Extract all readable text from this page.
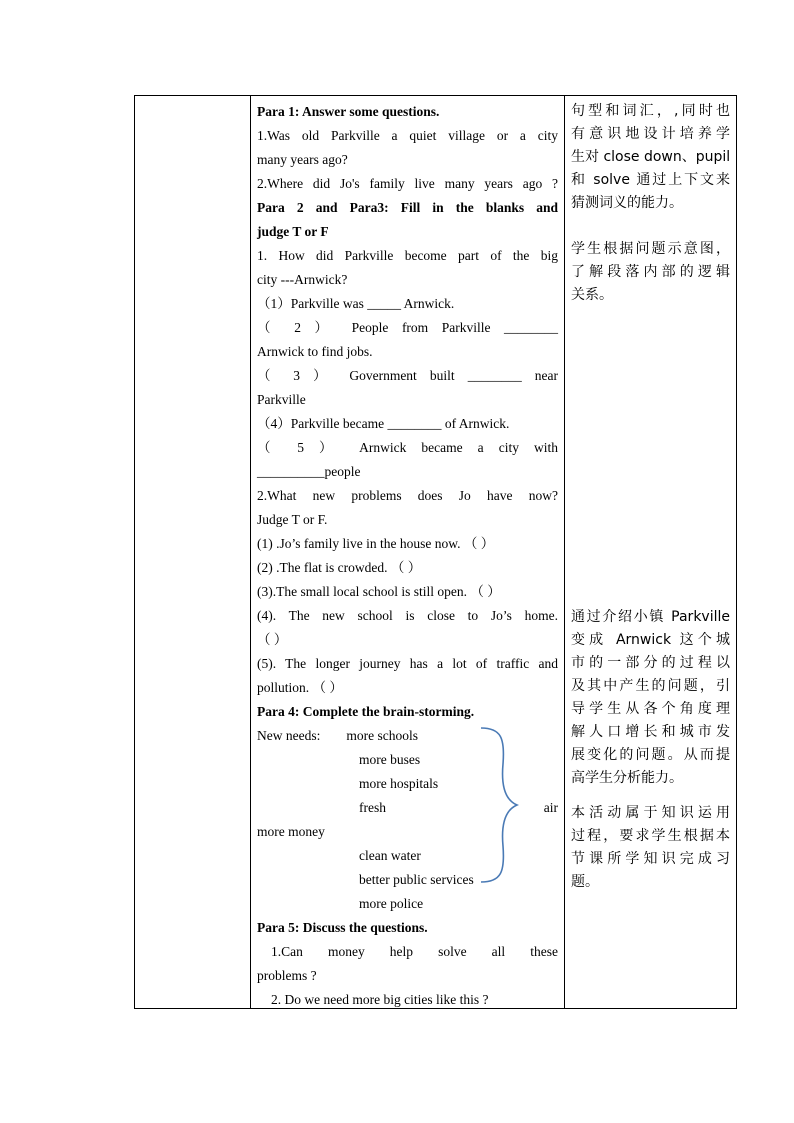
Para 1: Answer some questions.
1.Was old Parkville a quiet village or a city
many years ago?
2.Where did Jo's family live many years ago ?
Para 2 and Para3: Fill in the blanks and
judge T or F
1. How did Parkville become part of the big
city ---Arnwick?
（1）Parkville was _____ Arnwick.
（ 2 ） People from Parkville ________
Arnwick to find jobs.
（ 3 ） Government built ________ near
Parkville
（4）Parkville became ________ of Arnwick.
（ 5 ） Arnwick became a city with
__________people
2.What new problems does Jo have now?
Judge T or F.
(1) .Jo’s family live in the house now. （ ）
(2) .The flat is crowded. （ ）
(3).The small local school is still open. （ ）
(4). The new school is close to Jo’s home.
（ ）
(5). The longer journey has a lot of traffic and
pollution. （ ）
Para 4: Complete the brain-storming.
New needs: more schools
more buses
more hospitals
fresh	air
more money
clean water
better public services
more police
Para 5: Discuss the questions.
1.Can money help solve all these
problems ?
2. Do we need more big cities like this ?
句型和词汇，,同时也
有意识地设计培养学
生对 close down、pupil
和 solve 通过上下文来
猜测词义的能力。
学生根据问题示意图，
了解段落内部的逻辑
关系。
通过介绍小镇 Parkville
变成 Arnwick 这个城
市的一部分的过程以
及其中产生的问题，引
导学生从各个角度理
解人口增长和城市发
展变化的问题。从而提
高学生分析能力。
本活动属于知识运用
过程，要求学生根据本
节课所学知识完成习
题。
